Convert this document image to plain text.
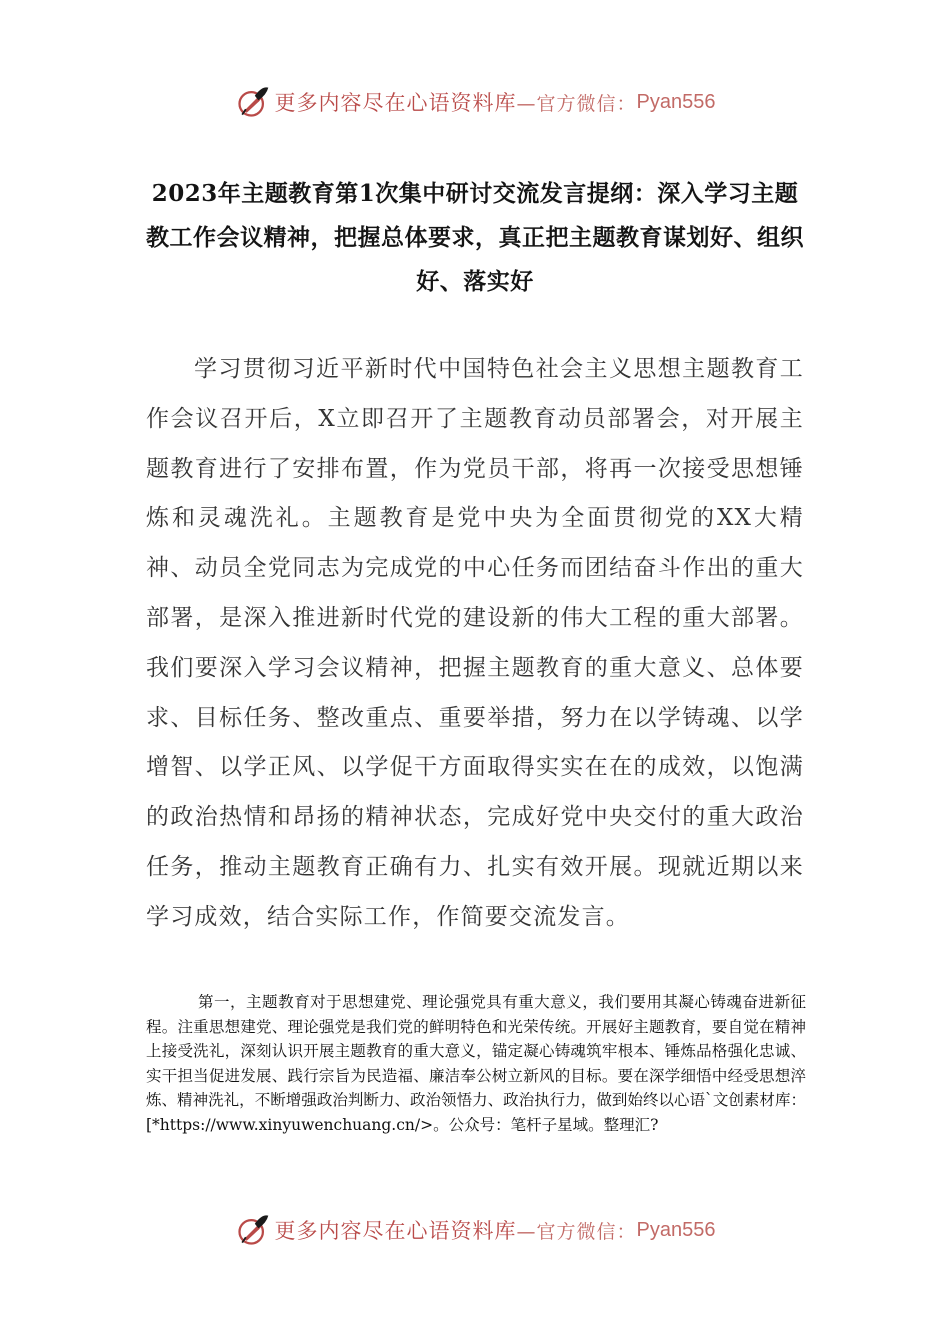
更多内容尽在心语资料库 —官方微信： Pyan556
2023年主题教育第1次集中研讨交流发言提纲：深入学习主题教工作会议精神，把握总体要求，真正把主题教育谋划好、组织好、落实好

学习贯彻习近平新时代中国特色社会主义思想主题教育工作会议召开后，X立即召开了主题教育动员部署会，对开展主题教育进行了安排布置，作为党员干部，将再一次接受思想锤炼和灵魂洗礼。主题教育是党中央为全面贯彻党的XX大精神、动员全党同志为完成党的中心任务而团结奋斗作出的重大部署，是深入推进新时代党的建设新的伟大工程的重大部署。我们要深入学习会议精神，把握主题教育的重大意义、总体要求、目标任务、整改重点、重要举措，努力在以学铸魂、以学增智、以学正风、以学促干方面取得实实在在的成效，以饱满的政治热情和昂扬的精神状态，完成好党中央交付的重大政治任务，推动主题教育正确有力、扎实有效开展。现就近期以来学习成效，结合实际工作，作简要交流发言。

第一，主题教育对于思想建党、理论强党具有重大意义，我们要用其凝心铸魂奋进新征程。注重思想建党、理论强党是我们党的鲜明特色和光荣传统。开展好主题教育，要自觉在精神上接受洗礼，深刻认识开展主题教育的重大意义，锚定凝心铸魂筑牢根本、锤炼品格强化忠诚、实干担当促进发展、践行宗旨为民造福、廉洁奉公树立新风的目标。要在深学细悟中经受思想淬炼、精神洗礼，不断增强政治判断力、政治领悟力、政治执行力，做到始终以心语`文创素材库：[*https://www.xinyuwenchuang.cn/>。公众号：笔杆子星域。整理汇?

更多内容尽在心语资料库 —官方微信： Pyan556
